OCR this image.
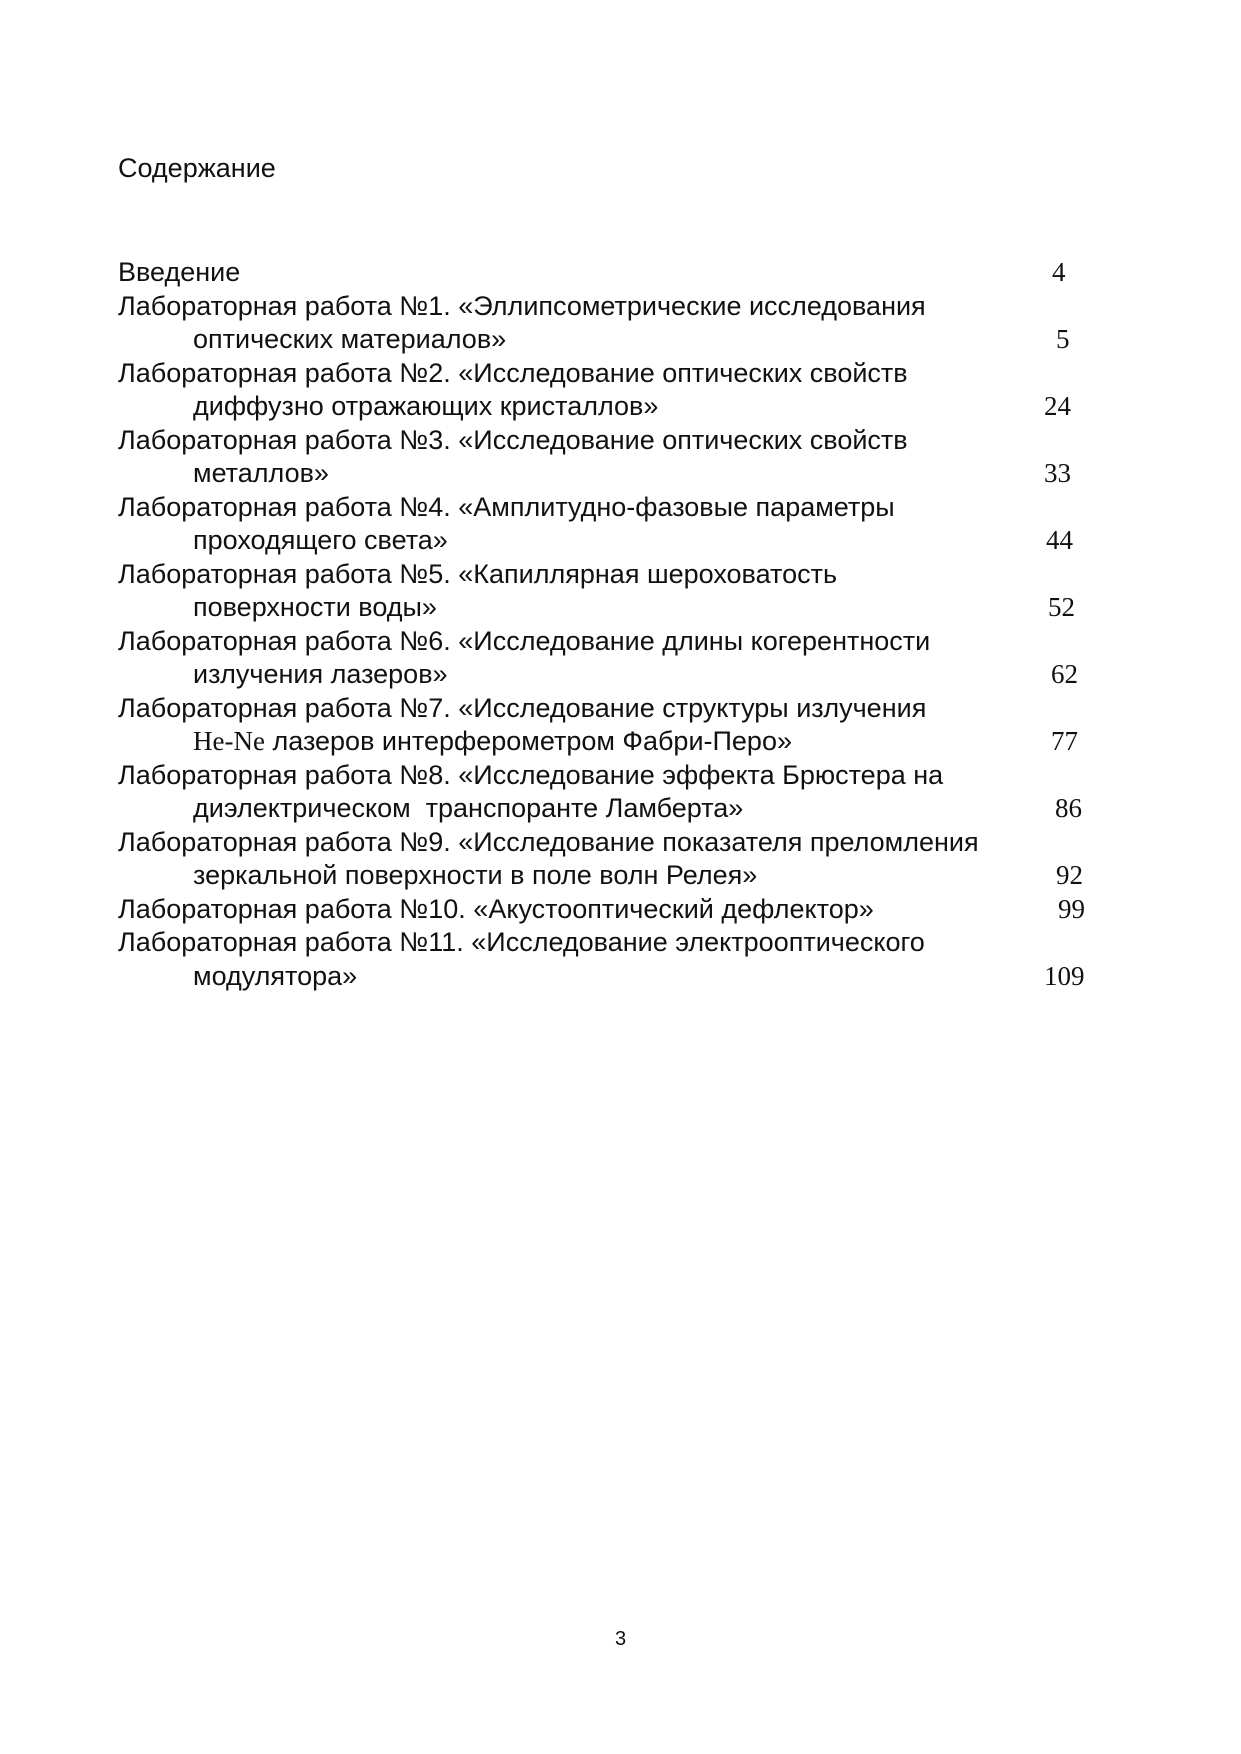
Содержание
Введение	4
Лабораторная работа №1. «Эллипсометрические исследования
оптических материалов»	5
Лабораторная работа №2. «Исследование оптических свойств
диффузно отражающих кристаллов»	24
Лабораторная работа №3. «Исследование оптических свойств
металлов»	33
Лабораторная работа №4. «Амплитудно-фазовые параметры
проходящего света»	44
Лабораторная работа №5. «Капиллярная шероховатость
поверхности воды»	52
Лабораторная работа №6. «Исследование длины когерентности
излучения лазеров»	62
Лабораторная работа №7. «Исследование структуры излучения
He-Ne лазеров интерферометром Фабри-Перо»	77
Лабораторная работа №8. «Исследование эффекта Брюстера на
диэлектрическом  транспоранте Ламберта»	86
Лабораторная работа №9. «Исследование показателя преломления
зеркальной поверхности в поле волн Релея»	92
Лабораторная работа №10. «Акустооптический дефлектор»	99
Лабораторная работа №11. «Исследование электрооптического
модулятора»	109
3
